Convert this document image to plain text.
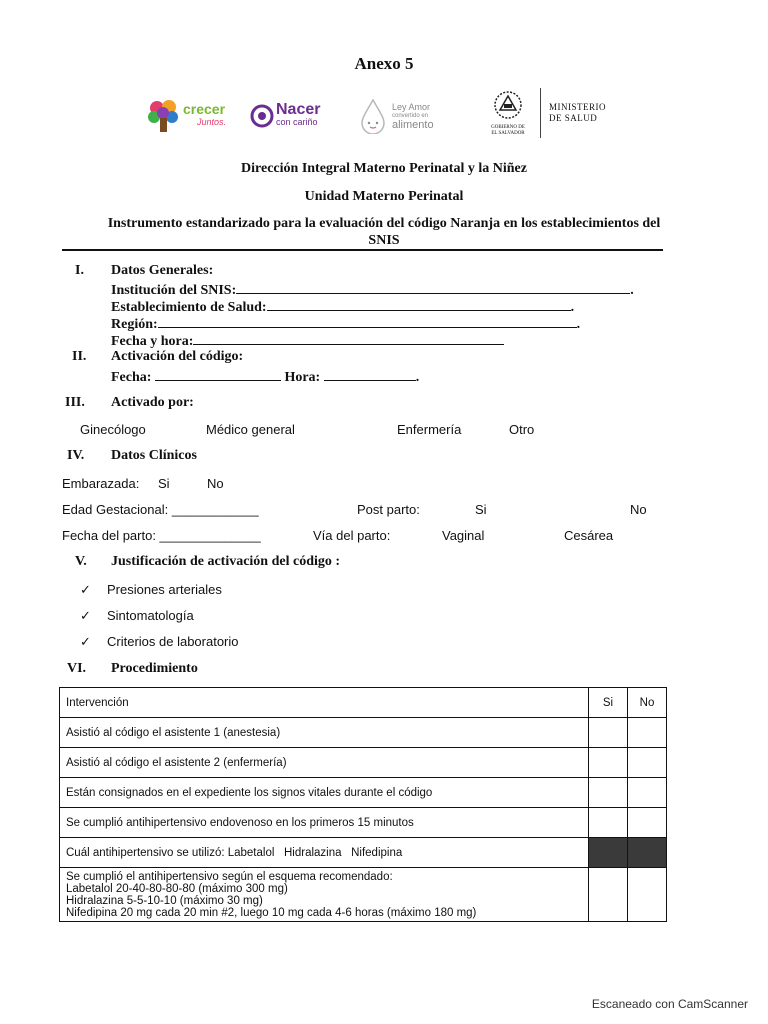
Anexo 5
crecer
Juntos.
Nacer
con cariño
Ley Amor
convertido en
alimento	GOBIERNO DE
EL SALVADOR
MINISTERIO
DE SALUD
Dirección Integral Materno Perinatal y la Niñez
Unidad Materno Perinatal
Instrumento estandarizado para la evaluación del código Naranja en los establecimientos del
SNIS
I. Datos Generales:
Institución del SNIS:	.
Establecimiento de Salud:	.
Región:	.
Fecha y hora:
II. Activación del código:
Fecha:	Hora:	.
III. Activado por:
Ginecólogo	Médico general	Enfermería	Otro
IV. Datos Clínicos
Embarazada: Si	No
Edad Gestacional: ____________	Post parto:	Si	No
Fecha del parto: ______________	Vía del parto:	Vaginal	Cesárea
V. Justificación de activación del código :
✓ Presiones arteriales
✓ Sintomatología
✓ Criterios de laboratorio
VI. Procedimiento
Intervención	Si	No
Asistió al código el asistente 1 (anestesia)		
Asistió al código el asistente 2 (enfermería)		
Están consignados en el expediente los signos vitales durante el código		
Se cumplió antihipertensivo endovenoso en los primeros 15 minutos		
Cuál antihipertensivo se utilizó: Labetalol   Hidralazina   Nifedipina		

Se cumplió el antihipertensivo según el esquema recomendado:
Labetalol 20-40-80-80-80 (máximo 300 mg)
Hidralazina 5-5-10-10 (máximo 30 mg)
Nifedipina 20 mg cada 20 min #2, luego 10 mg cada 4-6 horas (máximo 180 mg)		

Escaneado con CamScanner
